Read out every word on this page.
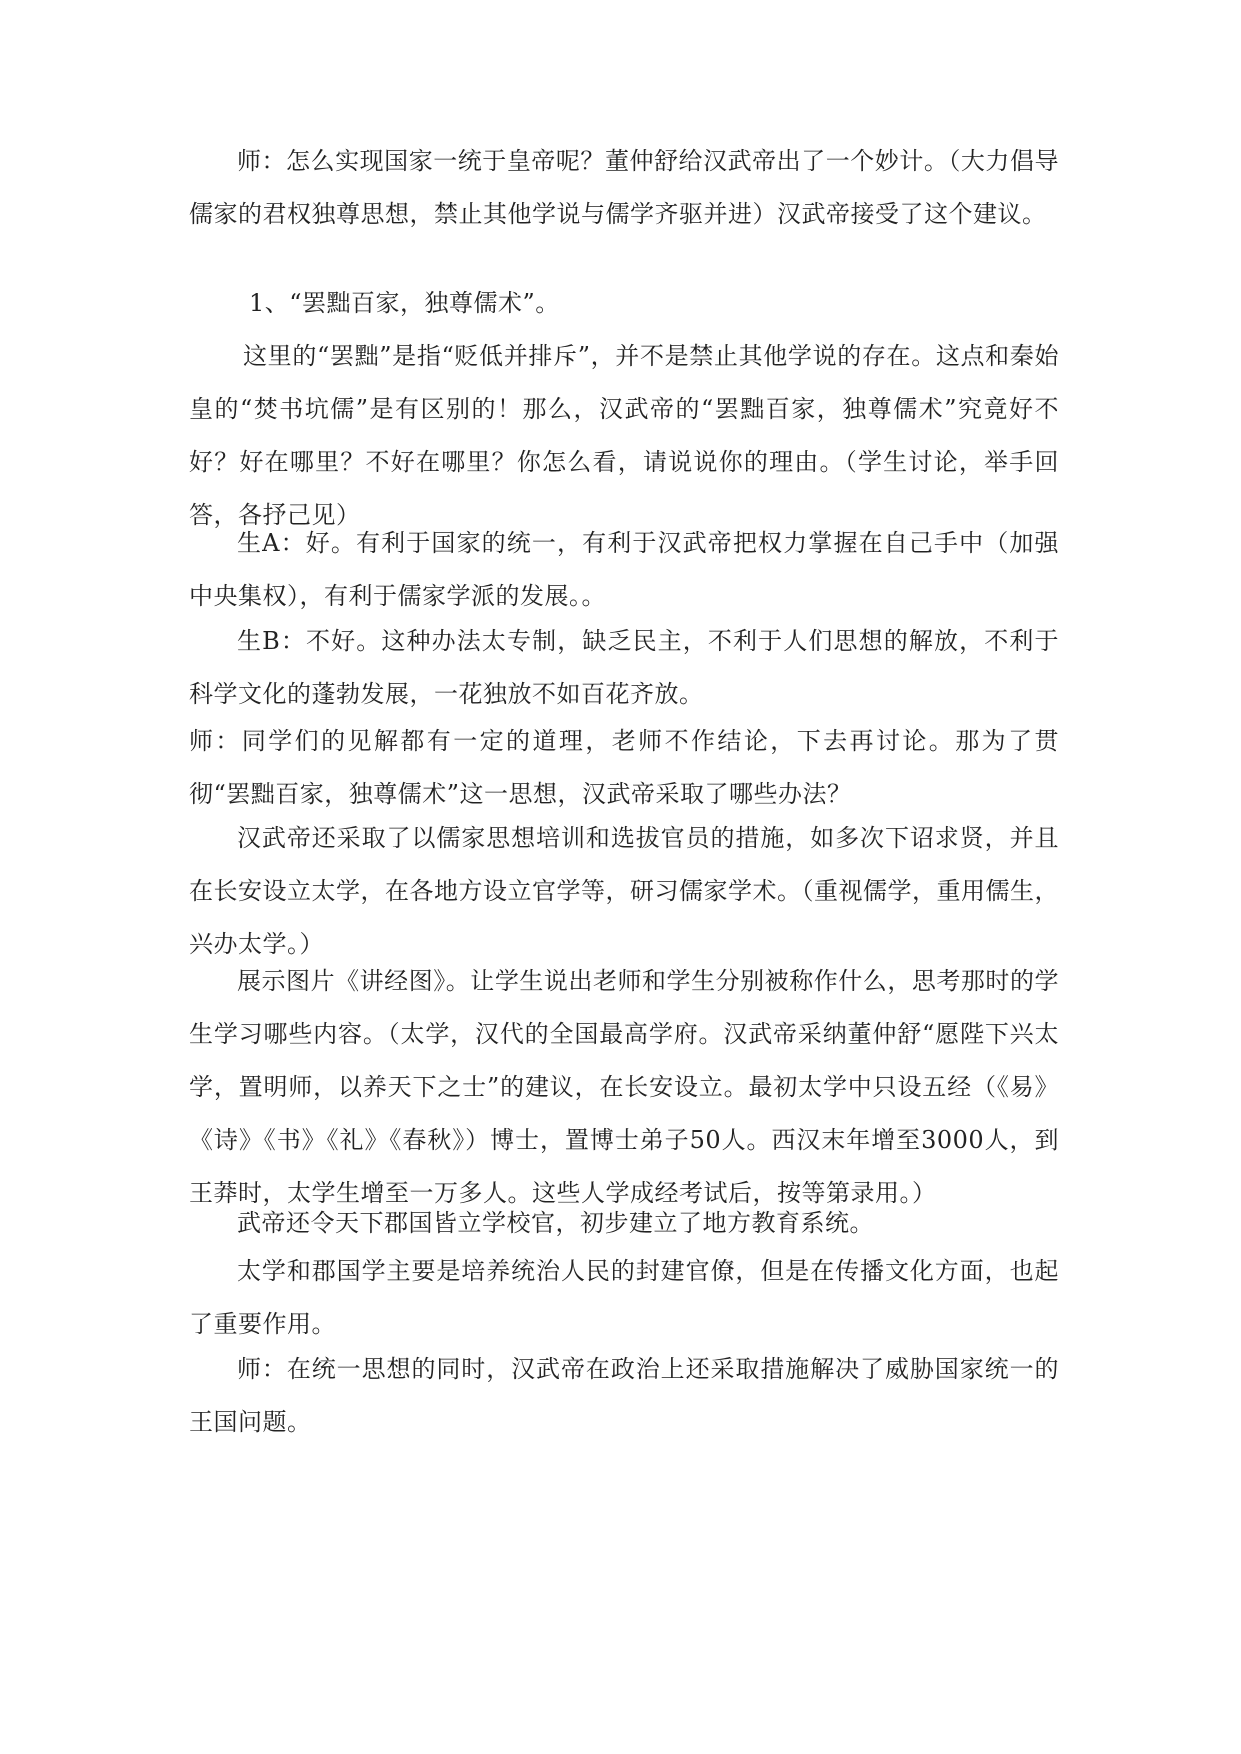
师：怎么实现国家一统于皇帝呢？董仲舒给汉武帝出了一个妙计。（大力倡导儒家的君权独尊思想，禁止其他学说与儒学齐驱并进）汉武帝接受了这个建议。

1、“罢黜百家，独尊儒术”。

这里的“罢黜”是指“贬低并排斥”，并不是禁止其他学说的存在。这点和秦始皇的“焚书坑儒”是有区别的！那么，汉武帝的“罢黜百家，独尊儒术”究竟好不好？好在哪里？不好在哪里？你怎么看，请说说你的理由。（学生讨论，举手回答，各抒己见）

生A：好。有利于国家的统一，有利于汉武帝把权力掌握在自己手中（加强中央集权），有利于儒家学派的发展。。

生B：不好。这种办法太专制，缺乏民主，不利于人们思想的解放，不利于科学文化的蓬勃发展，一花独放不如百花齐放。

师：同学们的见解都有一定的道理，老师不作结论，下去再讨论。那为了贯彻“罢黜百家，独尊儒术”这一思想，汉武帝采取了哪些办法？

汉武帝还采取了以儒家思想培训和选拔官员的措施，如多次下诏求贤，并且在长安设立太学，在各地方设立官学等，研习儒家学术。（重视儒学，重用儒生，兴办太学。）

展示图片《讲经图》。让学生说出老师和学生分别被称作什么，思考那时的学生学习哪些内容。（太学，汉代的全国最高学府。汉武帝采纳董仲舒“愿陛下兴太学，置明师，以养天下之士”的建议，在长安设立。最初太学中只设五经（《易》《诗》《书》《礼》《春秋》）博士，置博士弟子50人。西汉末年增至3000人，到王莽时，太学生增至一万多人。这些人学成经考试后，按等第录用。）

武帝还令天下郡国皆立学校官，初步建立了地方教育系统。

太学和郡国学主要是培养统治人民的封建官僚，但是在传播文化方面，也起了重要作用。

师：在统一思想的同时，汉武帝在政治上还采取措施解决了威胁国家统一的王国问题。
